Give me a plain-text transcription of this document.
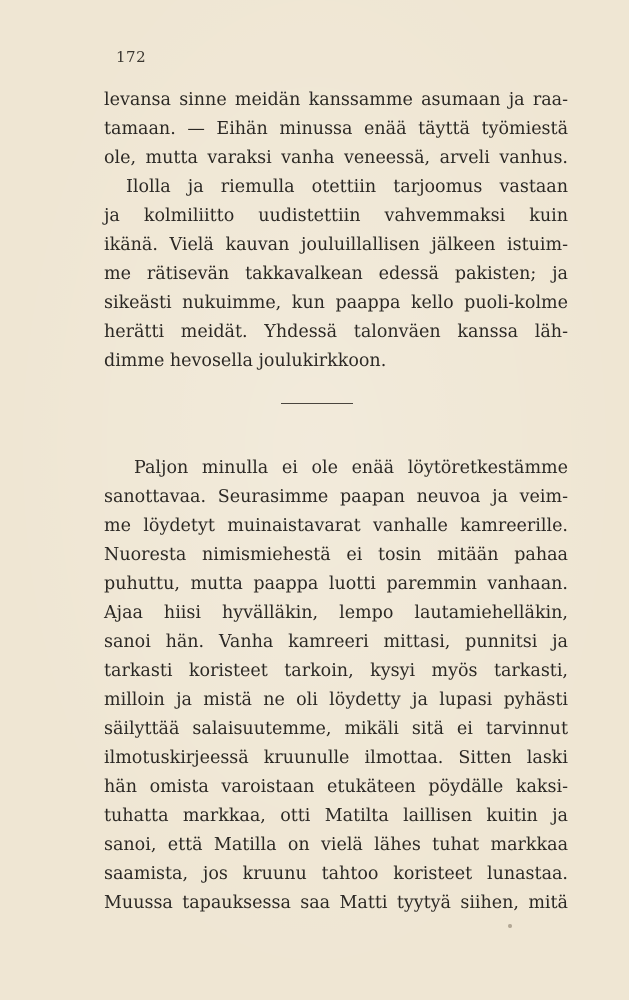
172
levansa sinne meidän kanssamme asumaan ja raa-
tamaan. — Eihän minussa enää täyttä työmiestä
ole, mutta varaksi vanha veneessä, arveli vanhus.
Ilolla ja riemulla otettiin tarjoomus vastaan
ja kolmiliitto uudistettiin vahvemmaksi kuin
ikänä. Vielä kauvan jouluillallisen jälkeen istuim-
me rätisevän takkavalkean edessä pakisten; ja
sikeästi nukuimme, kun paappa kello puoli-kolme
herätti meidät. Yhdessä talonväen kanssa läh-
dimme hevosella joulukirkkoon.
Paljon minulla ei ole enää löytöretkestämme
sanottavaa. Seurasimme paapan neuvoa ja veim-
me löydetyt muinaistavarat vanhalle kamreerille.
Nuoresta nimismiehestä ei tosin mitään pahaa
puhuttu, mutta paappa luotti paremmin vanhaan.
Ajaa hiisi hyvälläkin, lempo lautamiehelläkin,
sanoi hän. Vanha kamreeri mittasi, punnitsi ja
tarkasti koristeet tarkoin, kysyi myös tarkasti,
milloin ja mistä ne oli löydetty ja lupasi pyhästi
säilyttää salaisuutemme, mikäli sitä ei tarvinnut
ilmotuskirjeessä kruunulle ilmottaa. Sitten laski
hän omista varoistaan etukäteen pöydälle kaksi-
tuhatta markkaa, otti Matilta laillisen kuitin ja
sanoi, että Matilla on vielä lähes tuhat markkaa
saamista, jos kruunu tahtoo koristeet lunastaa.
Muussa tapauksessa saa Matti tyytyä siihen, mitä
